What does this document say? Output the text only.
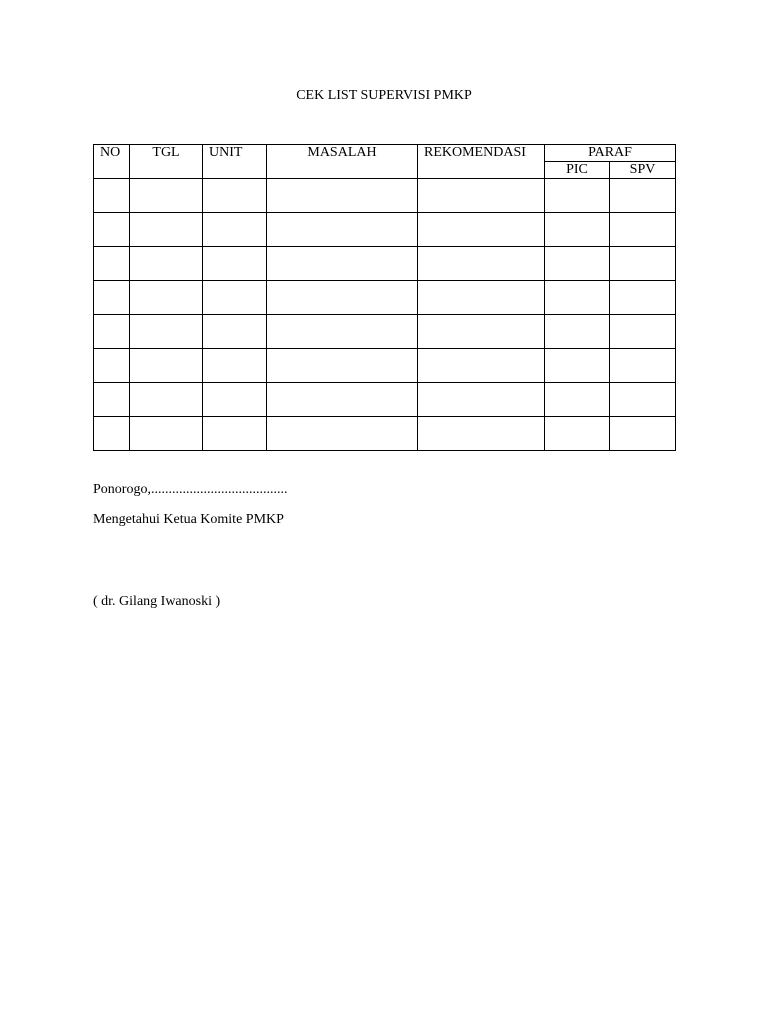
CEK LIST SUPERVISI PMKP
NO	TGL	UNIT	MASALAH	REKOMENDASI	PARAF	
					PIC	SPV

Ponorogo,.......................................
Mengetahui Ketua Komite PMKP
( dr. Gilang Iwanoski )
